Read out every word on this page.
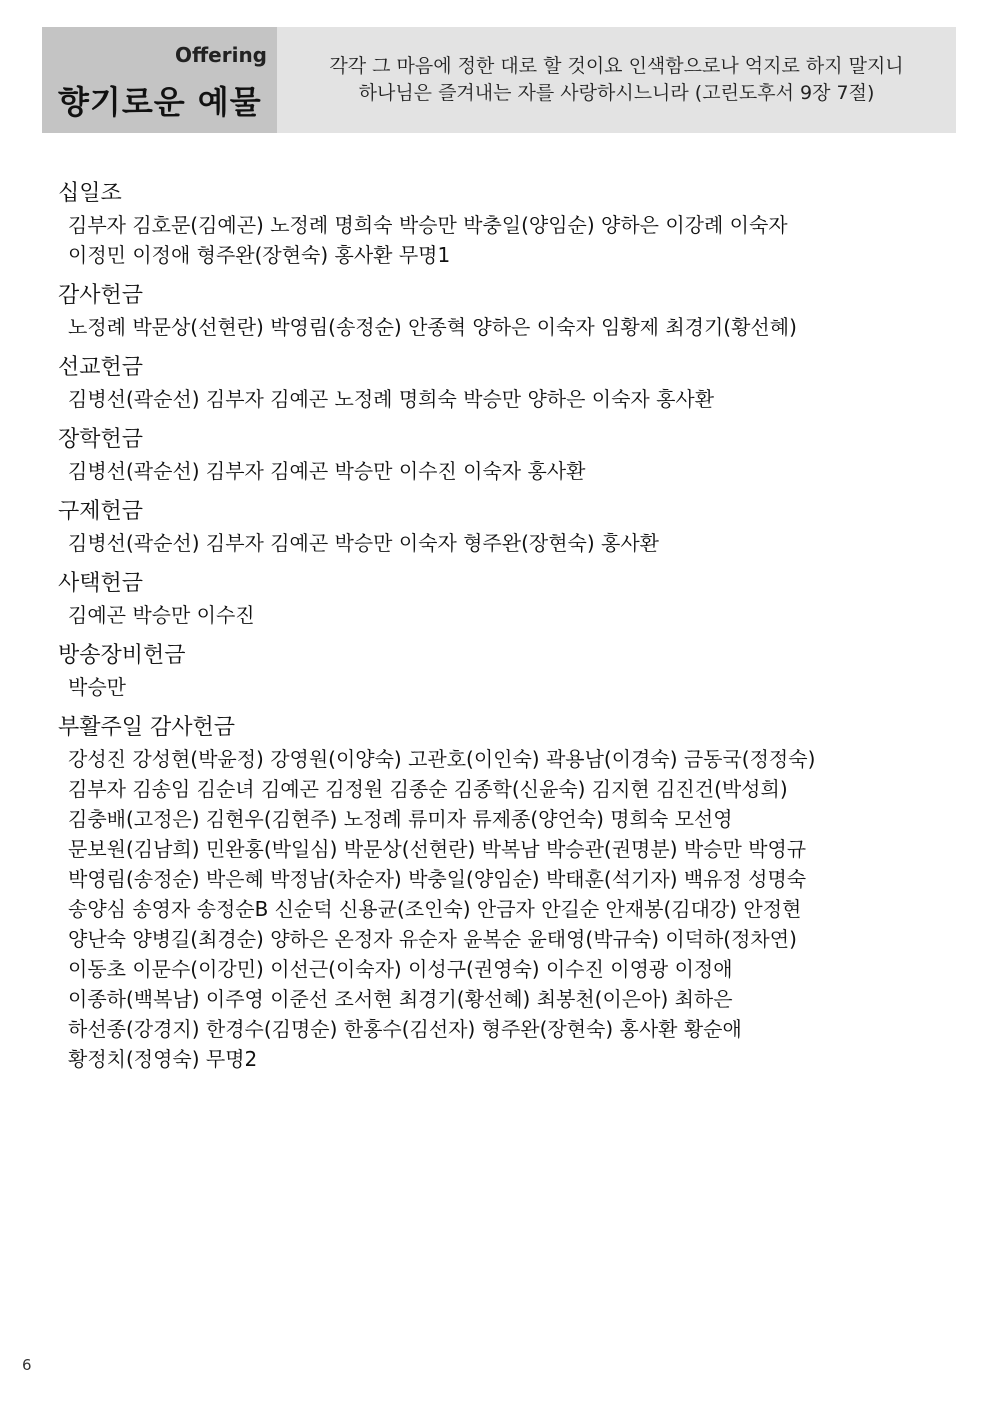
Offering
향기로운 예물
각각 그 마음에 정한 대로 할 것이요 인색함으로나 억지로 하지 말지니
하나님은 즐겨내는 자를 사랑하시느니라 (고린도후서 9장 7절)
십일조
김부자 김호문(김예곤) 노정례 명희숙 박승만 박충일(양임순) 양하은 이강례 이숙자
이정민 이정애 형주완(장현숙) 홍사환 무명1
감사헌금
노정례 박문상(선현란) 박영림(송정순) 안종혁 양하은 이숙자 임황제 최경기(황선혜)
선교헌금
김병선(곽순선) 김부자 김예곤 노정례 명희숙 박승만 양하은 이숙자 홍사환
장학헌금
김병선(곽순선) 김부자 김예곤 박승만 이수진 이숙자 홍사환
구제헌금
김병선(곽순선) 김부자 김예곤 박승만 이숙자 형주완(장현숙) 홍사환
사택헌금
김예곤 박승만 이수진
방송장비헌금
박승만
부활주일 감사헌금
강성진 강성현(박윤정) 강영원(이양숙) 고관호(이인숙) 곽용남(이경숙) 금동국(정정숙)
김부자 김송임 김순녀 김예곤 김정원 김종순 김종학(신윤숙) 김지현 김진건(박성희)
김충배(고정은) 김현우(김현주) 노정례 류미자 류제종(양언숙) 명희숙 모선영
문보원(김남희) 민완홍(박일심) 박문상(선현란) 박복남 박승관(권명분) 박승만 박영규
박영림(송정순) 박은혜 박정남(차순자) 박충일(양임순) 박태훈(석기자) 백유정 성명숙
송양심 송영자 송정순B 신순덕 신용균(조인숙) 안금자 안길순 안재봉(김대강) 안정현
양난숙 양병길(최경순) 양하은 온정자 유순자 윤복순 윤태영(박규숙) 이덕하(정차연)
이동초 이문수(이강민) 이선근(이숙자) 이성구(권영숙) 이수진 이영광 이정애
이종하(백복남) 이주영 이준선 조서현 최경기(황선혜) 최봉천(이은아) 최하은
하선종(강경지) 한경수(김명순) 한홍수(김선자) 형주완(장현숙) 홍사환 황순애
황정치(정영숙) 무명2
6
